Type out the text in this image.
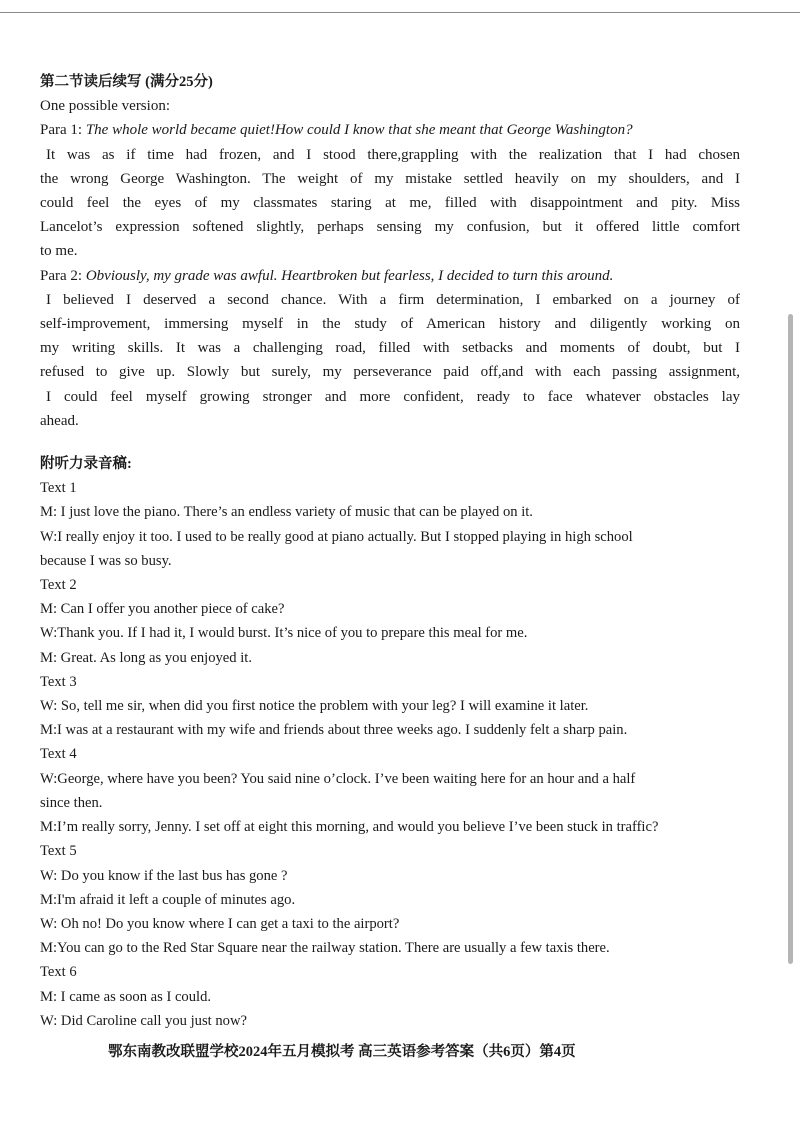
第二节读后续写 (满分25分)
One possible version:
Para 1: The whole world became quiet!How could I know that she meant that George Washington?
It was as if time had frozen, and I stood there,grappling with the realization that I had chosen
the wrong George Washington. The weight of my mistake settled heavily on my shoulders, and I
could feel the eyes of my classmates staring at me, filled with disappointment and pity. Miss
Lancelot’s expression softened slightly, perhaps sensing my confusion, but it offered little comfort
to me.
Para 2: Obviously, my grade was awful. Heartbroken but fearless, I decided to turn this around.
I believed I deserved a second chance. With a firm determination, I embarked on a journey of
self-improvement, immersing myself in the study of American history and diligently working on
my writing skills. It was a challenging road, filled with setbacks and moments of doubt, but I
refused to give up. Slowly but surely, my perseverance paid off,and with each passing assignment,
I could feel myself growing stronger and more confident, ready to face whatever obstacles lay
ahead.
附听力录音稿:
Text 1
M: I just love the piano. There’s an endless variety of music that can be played on it.
W:I really enjoy it too. I used to be really good at piano actually. But I stopped playing in high school
because I was so busy.
Text 2
M: Can I offer you another piece of cake?
W:Thank you. If I had it, I would burst. It’s nice of you to prepare this meal for me.
M: Great. As long as you enjoyed it.
Text 3
W: So, tell me sir, when did you first notice the problem with your leg? I will examine it later.
M:I was at a restaurant with my wife and friends about three weeks ago. I suddenly felt a sharp pain.
Text 4
W:George, where have you been? You said nine o’clock. I’ve been waiting here for an hour and a half
since then.
M:I’m really sorry, Jenny. I set off at eight this morning, and would you believe I’ve been stuck in traffic?
Text 5
W: Do you know if the last bus has gone ?
M:I'm afraid it left a couple of minutes ago.
W: Oh no! Do you know where I can get a taxi to the airport?
M:You can go to the Red Star Square near the railway station. There are usually a few taxis there.
Text 6
M: I came as soon as I could.
W: Did Caroline call you just now?
鄂东南教改联盟学校2024年五月模拟考 高三英语参考答案（共6页）第4页
